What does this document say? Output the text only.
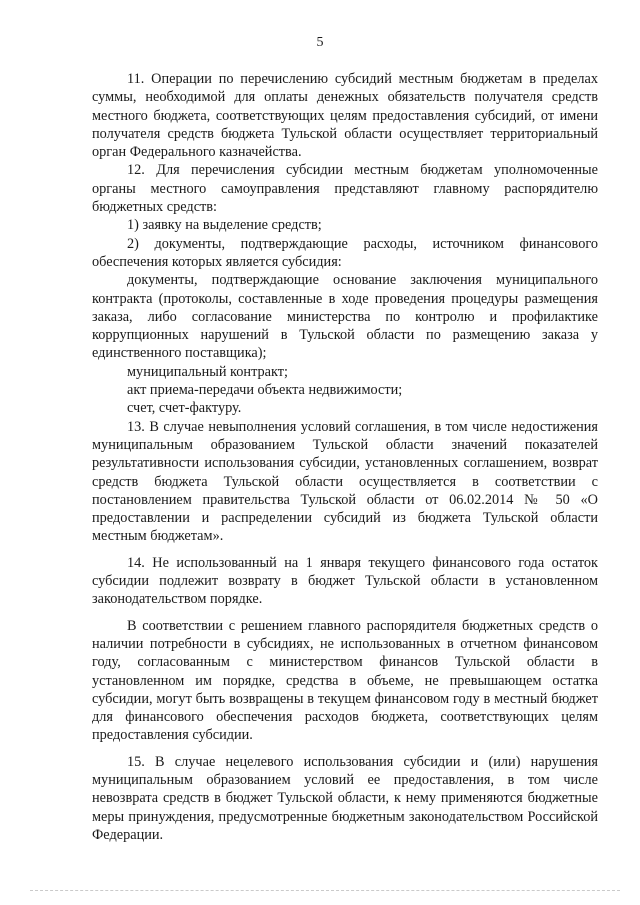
5

11. Операции по перечислению субсидий местным бюджетам в пределах суммы, необходимой для оплаты денежных обязательств получателя средств местного бюджета, соответствующих целям предоставления субсидий, от имени получателя средств бюджета Тульской области осуществляет территориальный орган Федерального казначейства.

12. Для перечисления субсидии местным бюджетам уполномоченные органы местного самоуправления представляют главному распорядителю бюджетных средств:

1) заявку на выделение средств;

2) документы, подтверждающие расходы, источником финансового обеспечения которых является субсидия:

документы, подтверждающие основание заключения муниципального контракта (протоколы, составленные в ходе проведения процедуры размещения заказа, либо согласование министерства по контролю и профилактике коррупционных нарушений в Тульской области по размещению заказа у единственного поставщика);

муниципальный контракт;

акт приема-передачи объекта недвижимости;

счет, счет-фактуру.

13. В случае невыполнения условий соглашения, в том числе недостижения муниципальным образованием Тульской области значений показателей результативности использования субсидии, установленных соглашением, возврат средств бюджета Тульской области осуществляется в соответствии с постановлением правительства Тульской области от 06.02.2014 № 50 «О предоставлении и распределении субсидий из бюджета Тульской области местным бюджетам».

14. Не использованный на 1 января текущего финансового года остаток субсидии подлежит возврату в бюджет Тульской области в установленном законодательством порядке.

В соответствии с решением главного распорядителя бюджетных средств о наличии потребности в субсидиях, не использованных в отчетном финансовом году, согласованным с министерством финансов Тульской области в установленном им порядке, средства в объеме, не превышающем остатка субсидии, могут быть возвращены в текущем финансовом году в местный бюджет для финансового обеспечения расходов бюджета, соответствующих целям предоставления субсидии.

15. В случае нецелевого использования субсидии и (или) нарушения муниципальным образованием условий ее предоставления, в том числе невозврата средств в бюджет Тульской области, к нему применяются бюджетные меры принуждения, предусмотренные бюджетным законодательством Российской Федерации.
